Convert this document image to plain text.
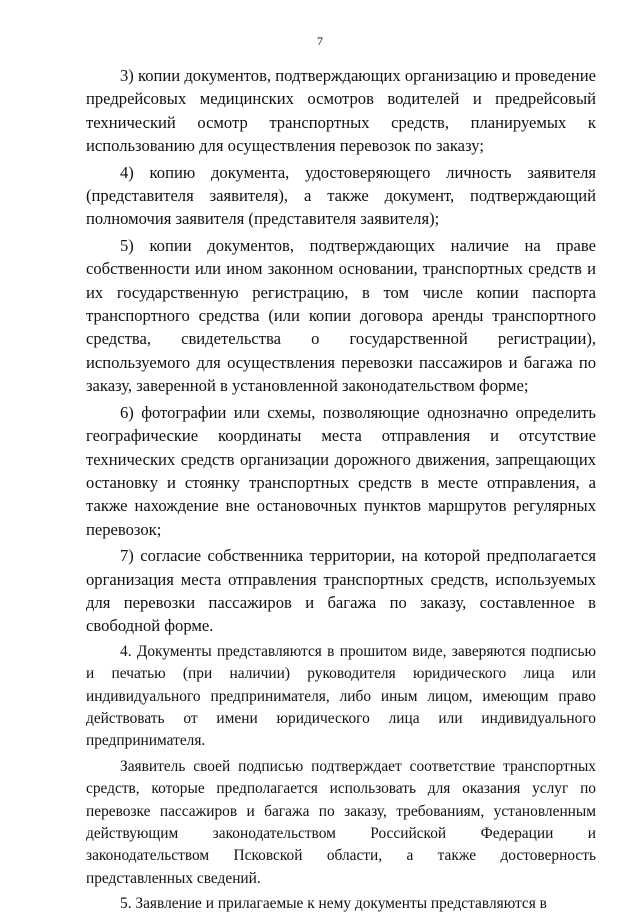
7

3) копии документов, подтверждающих организацию и проведение предрейсовых медицинских осмотров водителей и предрейсовый технический осмотр транспортных средств, планируемых к использованию для осуществления перевозок по заказу;

4) копию документа, удостоверяющего личность заявителя (представителя заявителя), а также документ, подтверждающий полномочия заявителя (представителя заявителя);

5) копии документов, подтверждающих наличие на праве собственности или ином законном основании, транспортных средств и их государственную регистрацию, в том числе копии паспорта транспортного средства (или копии договора аренды транспортного средства, свидетельства о государственной регистрации), используемого для осуществления перевозки пассажиров и багажа по заказу, заверенной в установленной законодательством форме;

6) фотографии или схемы, позволяющие однозначно определить географические координаты места отправления и отсутствие технических средств организации дорожного движения, запрещающих остановку и стоянку транспортных средств в месте отправления, а также нахождение вне остановочных пунктов маршрутов регулярных перевозок;

7) согласие собственника территории, на которой предполагается организация места отправления транспортных средств, используемых для перевозки пассажиров и багажа по заказу, составленное в свободной форме.

4. Документы представляются в прошитом виде, заверяются подписью и печатью (при наличии) руководителя юридического лица или индивидуального предпринимателя, либо иным лицом, имеющим право действовать от имени юридического лица или индивидуального предпринимателя.

Заявитель своей подписью подтверждает соответствие транспортных средств, которые предполагается использовать для оказания услуг по перевозке пассажиров и багажа по заказу, требованиям, установленным действующим законодательством Российской Федерации и законодательством Псковской области, а также достоверность представленных сведений.

5. Заявление и прилагаемые к нему документы представляются в
